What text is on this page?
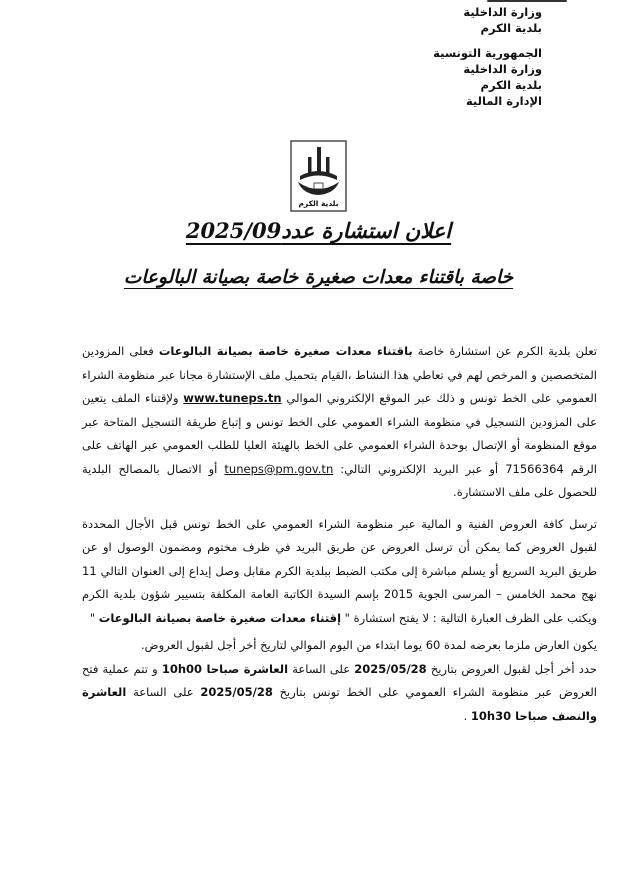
وزارة الداخلية
بلدية الكرم
الجمهورية التونسية
وزارة الداخلية
بلدية الكرم
الإدارة المالية
بلدية الكرم
اعلان استشارة عدد2025/09
خاصة باقتناء معدات صغيرة خاصة بصيانة البالوعات

تعلن بلدية الكرم عن استشارة خاصة باقتناء معدات صغيرة خاصة بصيانة البالوعات فعلى المزودين المتخصصين و المرخص لهم في تعاطي هذا النشاط ،القيام بتحميل ملف الإستشارة مجانا عبر منظومة الشراء العمومي على الخط تونس و ذلك عبر الموقع الإلكتروني الموالي www.tuneps.tn ولإقتناء الملف يتعين على المزودين التسجيل في منظومة الشراء العمومي على الخط تونس و إتباع طريقة التسجيل المتاحة عبر موقع المنظومة أو الإتصال بوحدة الشراء العمومي على الخط بالهيئة العليا للطلب العمومي عبر الهاتف على الرقم 71566364 أو عبر البريد الإلكتروني التالي: tuneps@pm.gov.tn أو الاتصال بالمصالح البلدية للحصول على ملف الاستشارة.

ترسل كافة العروض الفنية و المالية عبر منظومة الشراء العمومي على الخط تونس قبل الأجال المحددة لقبول العروض كما يمكن أن ترسل العروض عن طريق البريد في ظرف مختوم ومضمون الوصول او عن طريق البريد السريع أو يسلم مباشرة إلى مكتب الضبط ببلدية الكرم مقابل وصل إيداع إلى العنوان التالي 11 نهج محمد الخامس – المرسى الجوية 2015 بإسم السيدة الكاتبة العامة المكلفة بتسيير شؤون بلدية الكرم ويكتب على الظرف العبارة التالية : لا يفتح استشارة " إقتناء معدات صغيرة خاصة بصيانة البالوعات "

يكون العارض ملزما بعرضه لمدة 60 يوما ابتداء من اليوم الموالي لتاريخ أخر أجل لقبول العروض.

حدد أخر أجل لقبول العروض بتاريخ 2025/05/28 على الساعة العاشرة صباحا 10h00 و تتم عملية فتح العروض عبر منظومة الشراء العمومي على الخط تونس بتاريخ 2025/05/28 على الساعة العاشرة والنصف صباحا 10h30 .
